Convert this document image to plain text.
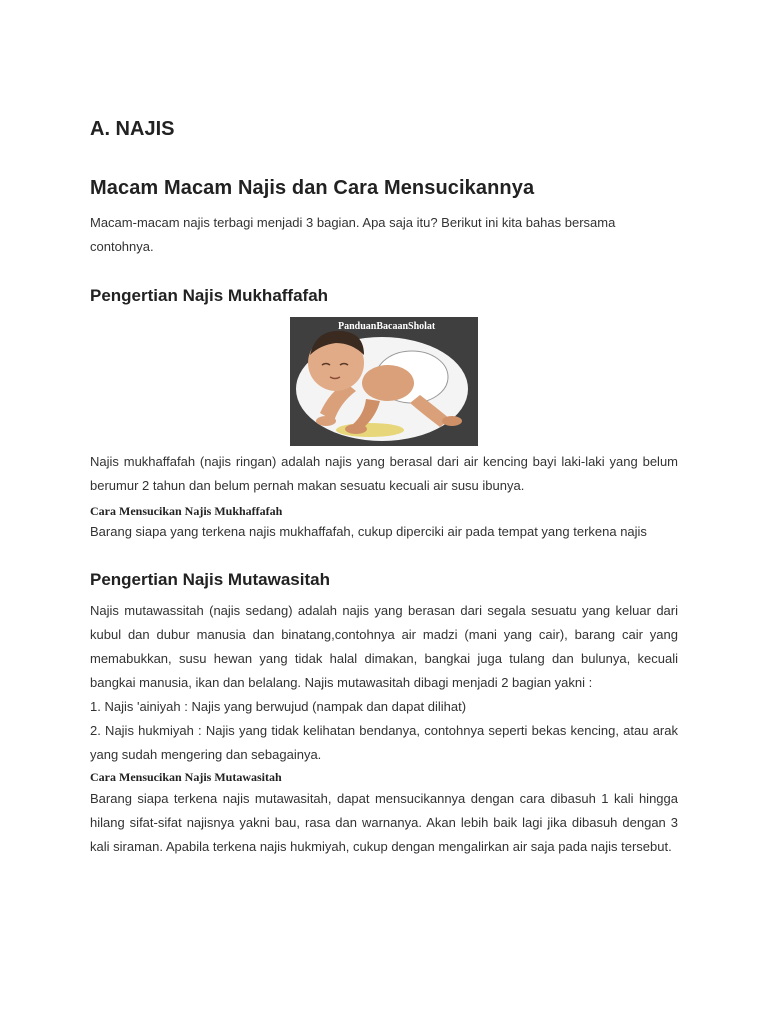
A. NAJIS
Macam Macam Najis dan Cara Mensucikannya

Macam-macam najis terbagi menjadi 3 bagian. Apa saja itu? Berikut ini kita bahas bersama contohnya.

Pengertian Najis Mukhaffafah
PanduanBacaanSholat

Najis mukhaffafah (najis ringan) adalah najis yang berasal dari air kencing bayi laki-laki yang belum berumur 2 tahun dan belum pernah makan sesuatu kecuali air susu ibunya.

Cara Mensucikan Najis Mukhaffafah

Barang siapa yang terkena najis mukhaffafah, cukup diperciki air pada tempat yang terkena najis

Pengertian Najis Mutawasitah

Najis mutawassitah (najis sedang) adalah najis yang berasan dari segala sesuatu yang keluar dari kubul dan dubur manusia dan binatang,contohnya air madzi (mani yang cair), barang cair yang memabukkan, susu hewan yang tidak halal dimakan, bangkai juga tulang dan bulunya, kecuali bangkai manusia, ikan dan belalang. Najis mutawasitah dibagi menjadi 2 bagian yakni :

1. Najis 'ainiyah : Najis yang berwujud (nampak dan dapat dilihat)

2. Najis hukmiyah : Najis yang tidak kelihatan bendanya, contohnya seperti bekas kencing, atau arak yang sudah mengering dan sebagainya.

Cara Mensucikan Najis Mutawasitah

Barang siapa terkena najis mutawasitah, dapat mensucikannya dengan cara dibasuh 1 kali hingga hilang sifat-sifat najisnya yakni bau, rasa dan warnanya. Akan lebih baik lagi jika dibasuh dengan 3 kali siraman. Apabila terkena najis hukmiyah, cukup dengan mengalirkan air saja pada najis tersebut.
